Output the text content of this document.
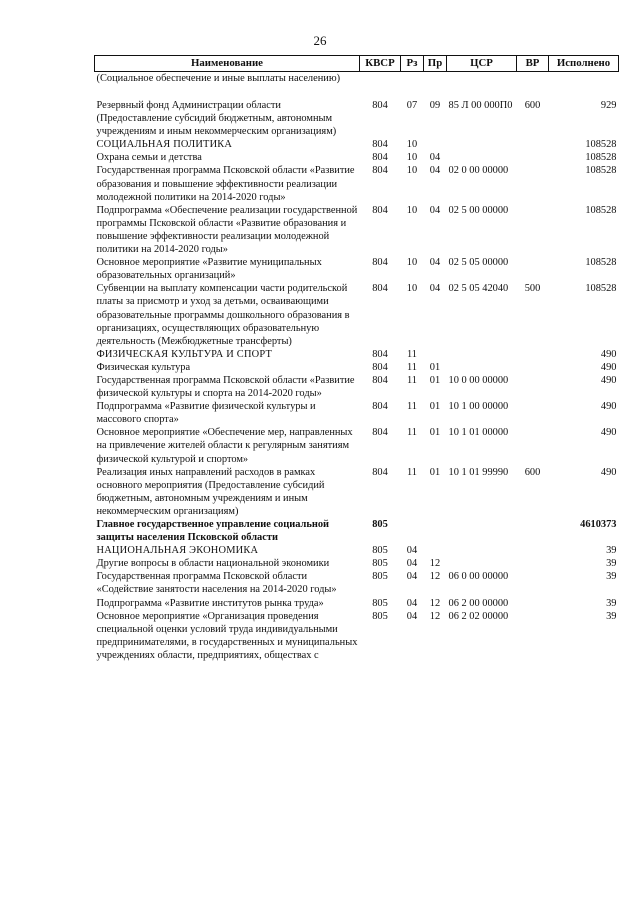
26
Наименование	КВСР	Рз	Пр	ЦСР	ВР	Исполнено
(Социальное обеспечение и иные выплаты населению)						
Резервный фонд Администрации области (Предоставление субсидий бюджетным, автономным учреждениям и иным некоммерческим организациям)	804	07	09	85 Л 00 000П0	600	929
СОЦИАЛЬНАЯ ПОЛИТИКА	804	10				108528
Охрана семьи и детства	804	10	04			108528
Государственная программа Псковской области «Развитие образования и повышение эффективности реализации молодежной политики на 2014-2020 годы»	804	10	04	02 0 00 00000		108528
Подпрограмма «Обеспечение реализации государственной программы Псковской области «Развитие образования и повышение эффективности реализации молодежной политики на 2014-2020 годы»	804	10	04	02 5 00 00000		108528
Основное мероприятие «Развитие муниципальных образовательных организаций»	804	10	04	02 5 05 00000		108528
Субвенции на выплату компенсации части родительской платы за присмотр и уход за детьми, осваивающими образовательные программы дошкольного образования в организациях, осуществляющих образовательную деятельность (Межбюджетные трансферты)	804	10	04	02 5 05 42040	500	108528
ФИЗИЧЕСКАЯ КУЛЬТУРА И СПОРТ	804	11				490
Физическая культура	804	11	01			490
Государственная программа Псковской области «Развитие физической культуры и спорта на 2014-2020 годы»	804	11	01	10 0 00 00000		490
Подпрограмма «Развитие физической культуры и массового спорта»	804	11	01	10 1 00 00000		490
Основное мероприятие «Обеспечение мер, направленных на привлечение жителей области к регулярным занятиям физической культурой и спортом»	804	11	01	10 1 01 00000		490
Реализация иных направлений расходов в рамках основного мероприятия (Предоставление субсидий бюджетным, автономным учреждениям и иным некоммерческим организациям)	804	11	01	10 1 01 99990	600	490
Главное государственное управление социальной защиты населения Псковской области	805					4610373
НАЦИОНАЛЬНАЯ ЭКОНОМИКА	805	04				39
Другие вопросы в области национальной экономики	805	04	12			39
Государственная программа Псковской области «Содействие занятости населения на 2014-2020 годы»	805	04	12	06 0 00 00000		39
Подпрограмма «Развитие институтов рынка труда»	805	04	12	06 2 00 00000		39
Основное мероприятие «Организация проведения специальной оценки условий труда индивидуальными предпринимателями, в государственных и муниципальных учреждениях области, предприятиях, обществах с	805	04	12	06 2 02 00000		39
